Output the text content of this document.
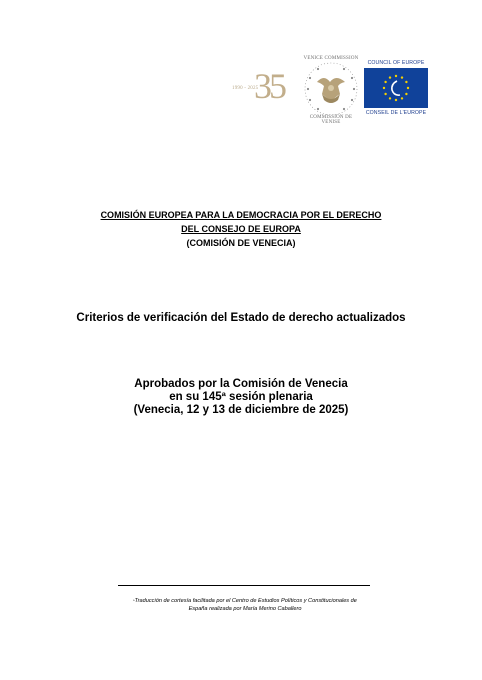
1990 - 2025
35
VENICE COMMISSION
COMMISSION DE VENISE
COUNCIL OF EUROPE
CONSEIL DE L'EUROPE
COMISIÓN EUROPEA PARA LA DEMOCRACIA POR EL DERECHO
DEL CONSEJO DE EUROPA
(COMISIÓN DE VENECIA)
Criterios de verificación del Estado de derecho actualizados
Aprobados por la Comisión de Venecia
en su 145ª sesión plenaria
(Venecia, 12 y 13 de diciembre de 2025)
*Traducción de cortesía facilitada por el Centro de Estudios Políticos y Constitucionales de
España realizada por María Merino Caballero
